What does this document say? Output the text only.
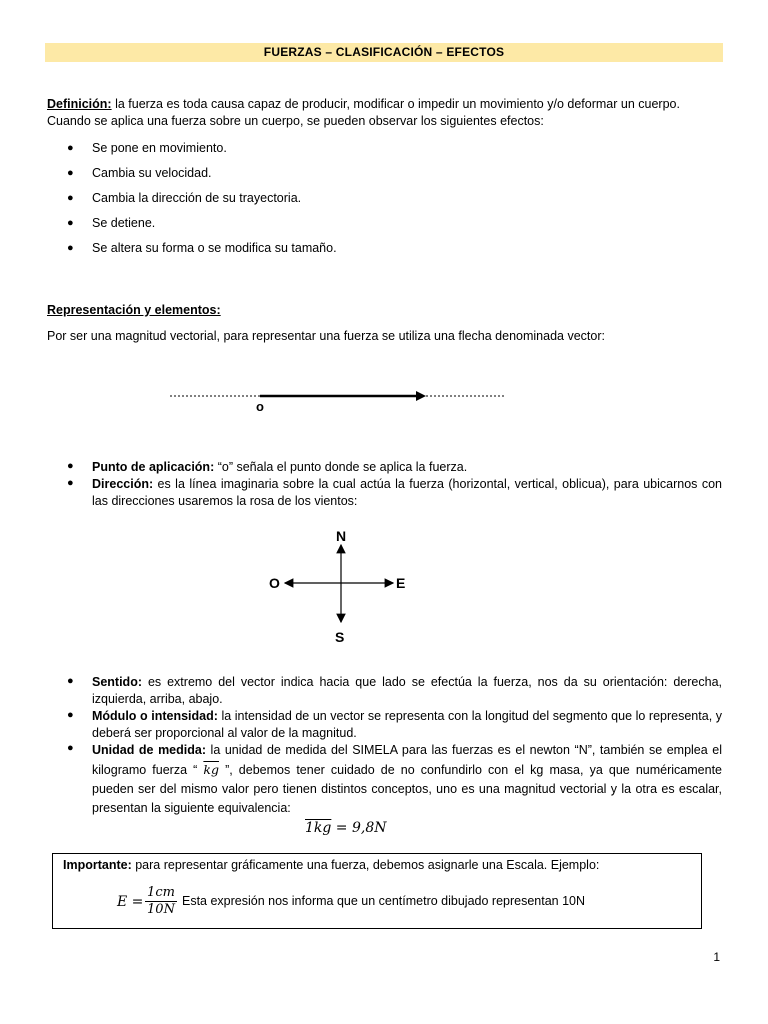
FUERZAS – CLASIFICACIÓN – EFECTOS
Definición: la fuerza es toda causa capaz de producir, modificar o impedir un movimiento y/o deformar un cuerpo.
Cuando se aplica una fuerza sobre un cuerpo, se pueden observar los siguientes efectos:
● Se pone en movimiento.
● Cambia su velocidad.
● Cambia la dirección de su trayectoria.
● Se detiene.
● Se altera su forma o se modifica su tamaño.
Representación y elementos:
Por ser una magnitud vectorial, para representar una fuerza se utiliza una flecha denominada vector:
o
● Punto de aplicación: “o” señala el punto donde se aplica la fuerza.
● Dirección: es la línea imaginaria sobre la cual actúa la fuerza (horizontal, vertical, oblicua), para ubicarnos con las direcciones usaremos la rosa de los vientos:
N
S
E
O
● Sentido: es extremo del vector indica hacia que lado se efectúa la fuerza, nos da su orientación: derecha, izquierda, arriba, abajo.
● Módulo o intensidad: la intensidad de un vector se representa con la longitud del segmento que lo representa, y deberá ser proporcional al valor de la magnitud.
● Unidad de medida: la unidad de medida del SIMELA para las fuerzas es el newton “N”, también se emplea el kilogramo fuerza “ $\overline{kg}$ ”, debemos tener cuidado de no confundirlo con el kg masa, ya que numéricamente pueden ser del mismo valor pero tienen distintos conceptos, uno es una magnitud vectorial y la otra es escalar, presentan la siguiente equivalencia:
1kg = 9,8N
Importante: para representar gráficamente una fuerza, debemos asignarle una Escala. Ejemplo:
$E = \frac{1cm}{10N}$ Esta expresión nos informa que un centímetro dibujado representan 10N
1
